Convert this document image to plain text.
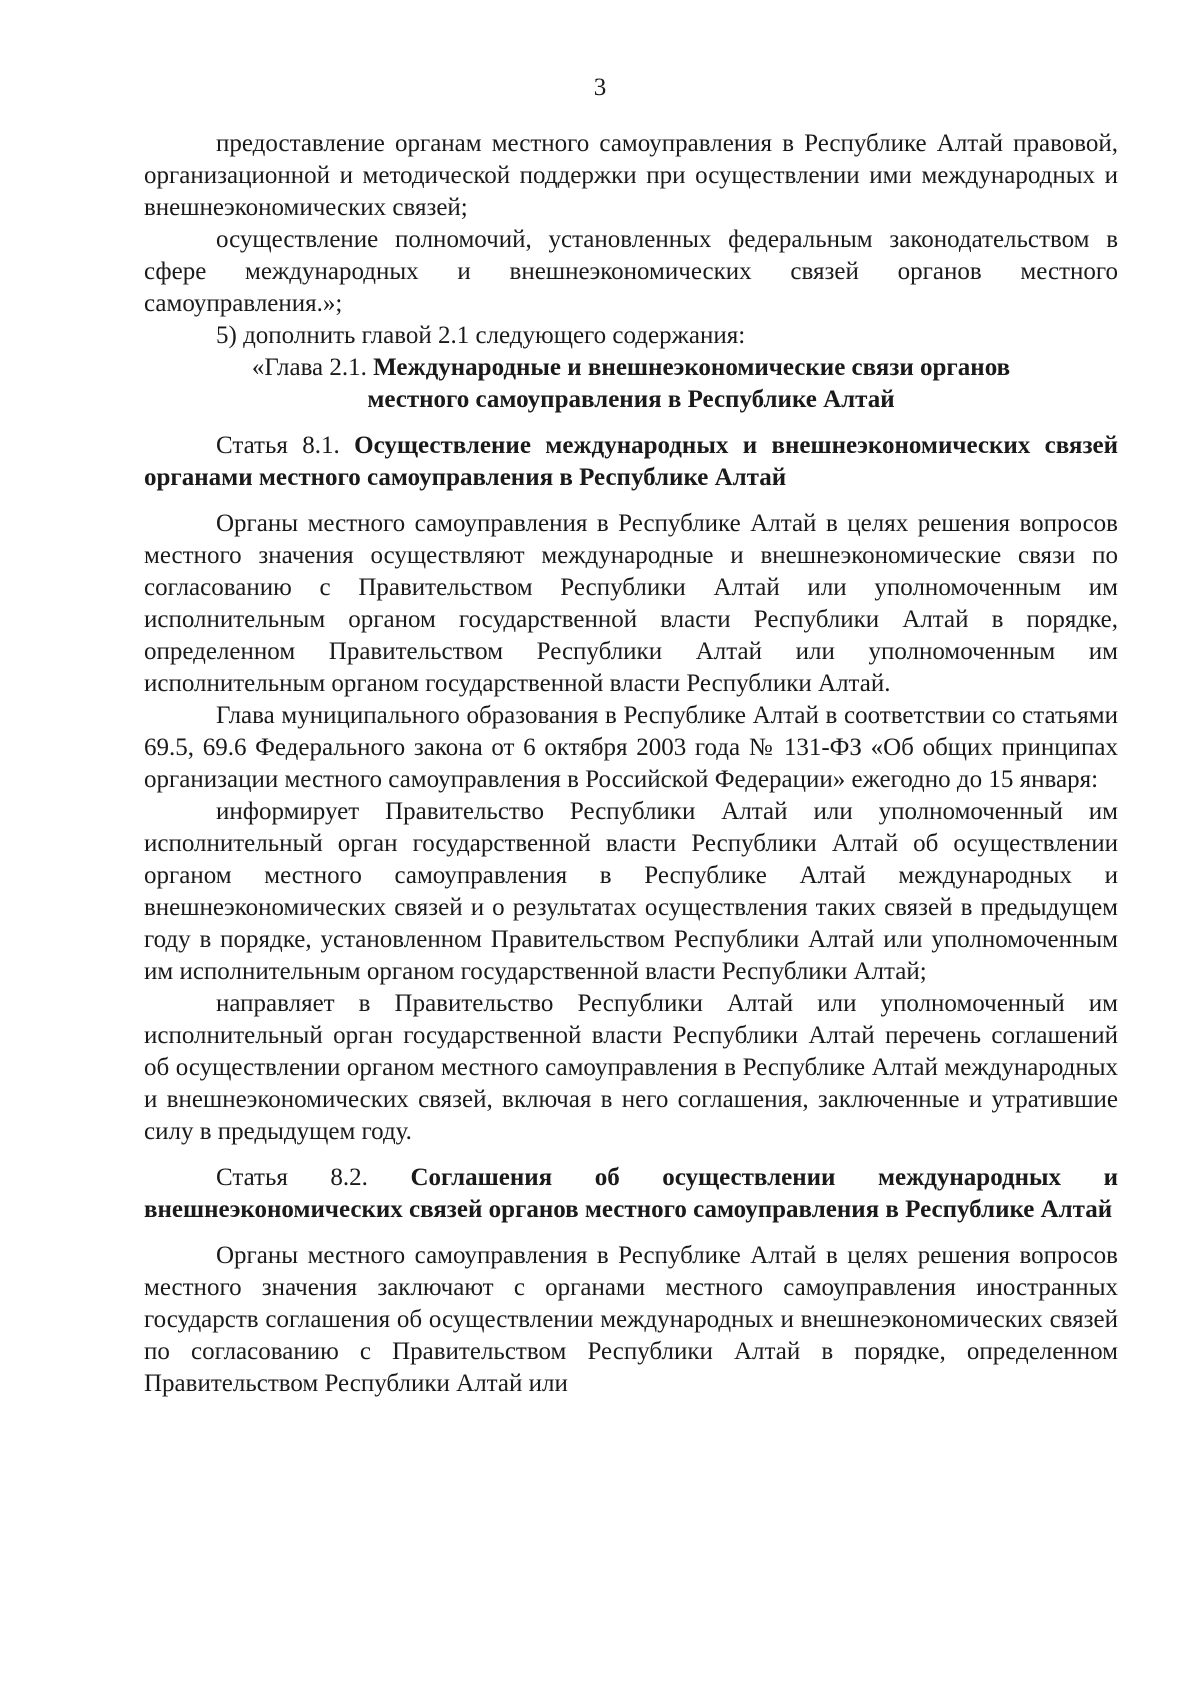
3

предоставление органам местного самоуправления в Республике Алтай правовой, организационной и методической поддержки при осуществлении ими международных и внешнеэкономических связей;

осуществление полномочий, установленных федеральным законодательством в сфере международных и внешнеэкономических связей органов местного самоуправления.»;

5) дополнить главой 2.1 следующего содержания:

«Глава 2.1. Международные и внешнеэкономические связи органов
местного самоуправления в Республике Алтай

Статья 8.1. Осуществление международных и внешнеэкономических связей органами местного самоуправления в Республике Алтай

Органы местного самоуправления в Республике Алтай в целях решения вопросов местного значения осуществляют международные и внешнеэкономические связи по согласованию с Правительством Республики Алтай или уполномоченным им исполнительным органом государственной власти Республики Алтай в порядке, определенном Правительством Республики Алтай или уполномоченным им исполнительным органом государственной власти Республики Алтай.

Глава муниципального образования в Республике Алтай в соответствии со статьями 69.5, 69.6 Федерального закона от 6 октября 2003 года № 131-ФЗ «Об общих принципах организации местного самоуправления в Российской Федерации» ежегодно до 15 января:

информирует Правительство Республики Алтай или уполномоченный им исполнительный орган государственной власти Республики Алтай об осуществлении органом местного самоуправления в Республике Алтай международных и внешнеэкономических связей и о результатах осуществления таких связей в предыдущем году в порядке, установленном Правительством Республики Алтай или уполномоченным им исполнительным органом государственной власти Республики Алтай;

направляет в Правительство Республики Алтай или уполномоченный им исполнительный орган государственной власти Республики Алтай перечень соглашений об осуществлении органом местного самоуправления в Республике Алтай международных и внешнеэкономических связей, включая в него соглашения, заключенные и утратившие силу в предыдущем году.

Статья 8.2. Соглашения об осуществлении международных и внешнеэкономических связей органов местного самоуправления в Республике Алтай

Органы местного самоуправления в Республике Алтай в целях решения вопросов местного значения заключают с органами местного самоуправления иностранных государств соглашения об осуществлении международных и внешнеэкономических связей по согласованию с Правительством Республики Алтай в порядке, определенном Правительством Республики Алтай или
